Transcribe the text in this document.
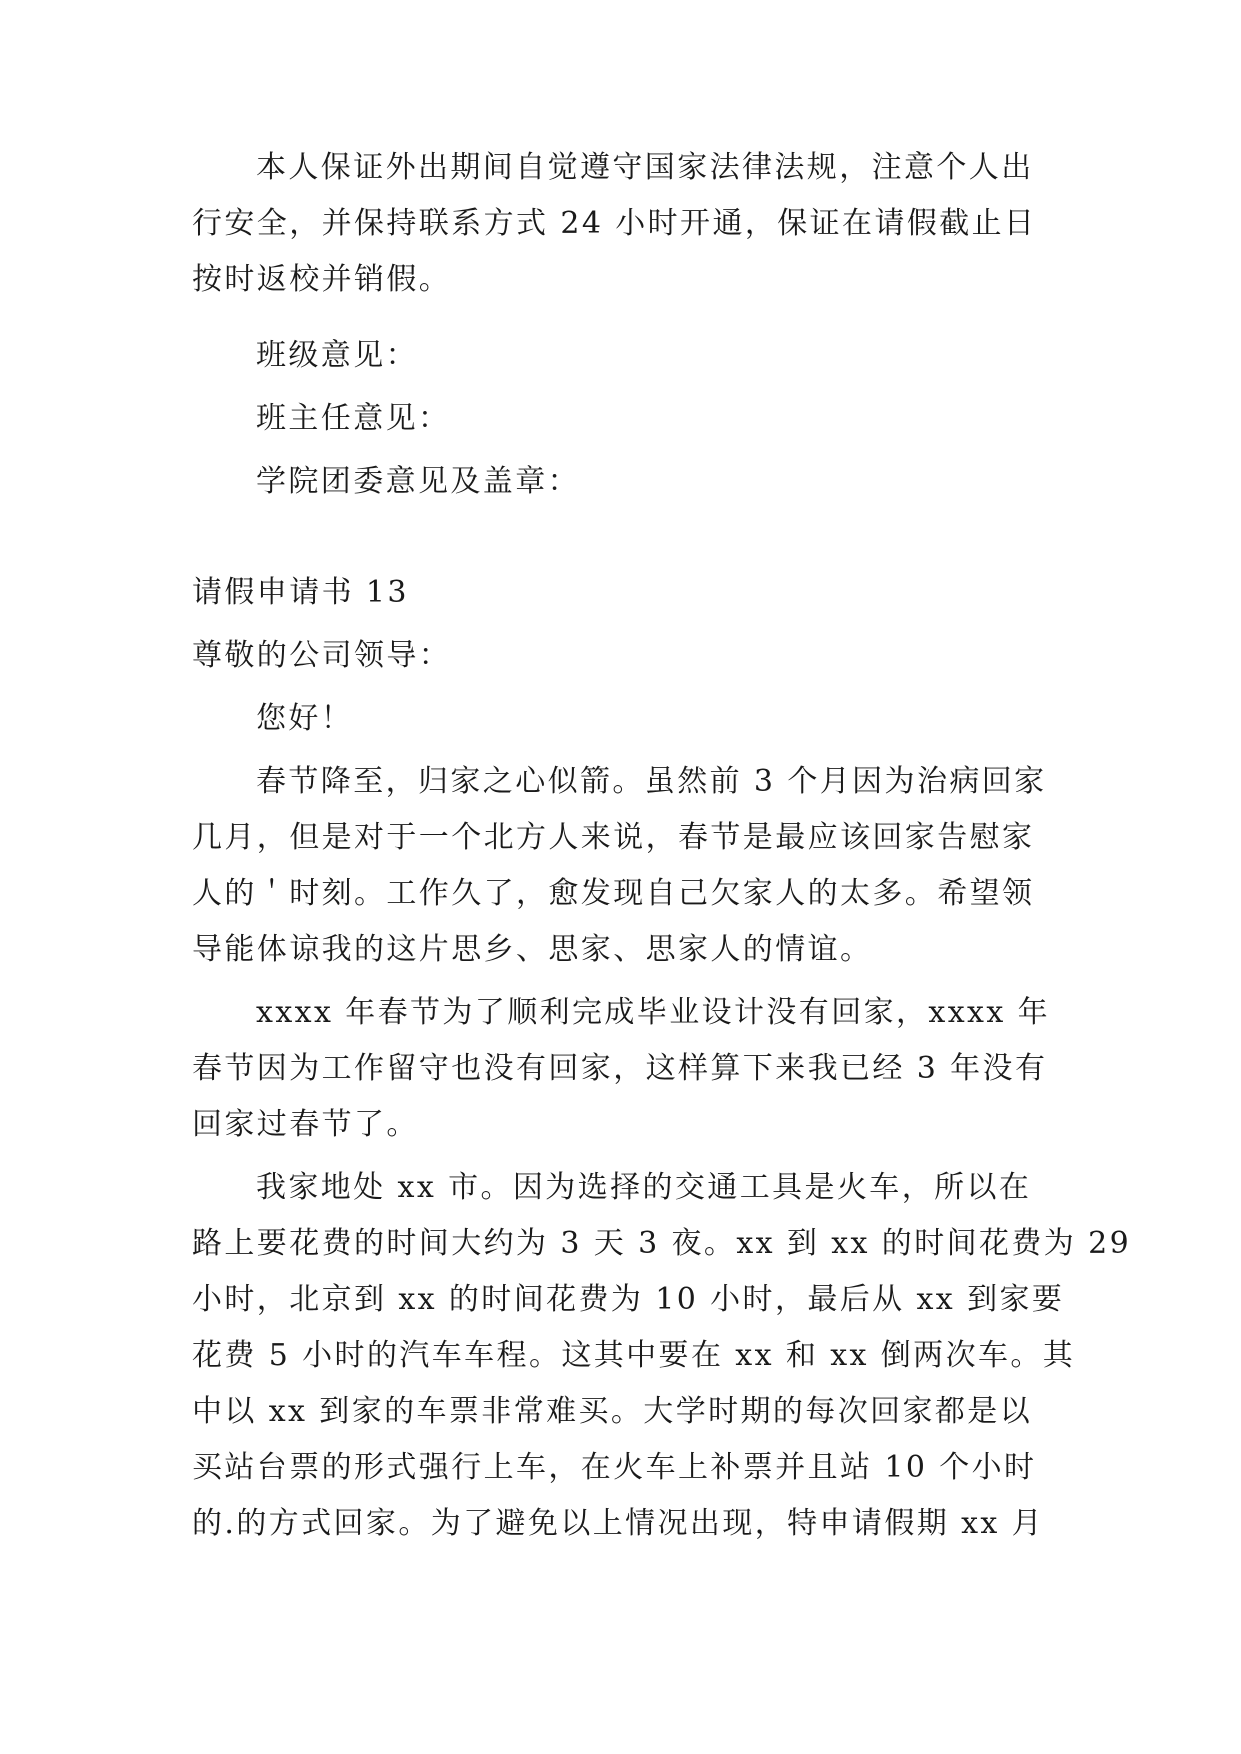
本人保证外出期间自觉遵守国家法律法规，注意个人出
行安全，并保持联系方式 24 小时开通，保证在请假截止日
按时返校并销假。
班级意见：
班主任意见：
学院团委意见及盖章：
请假申请书 13
尊敬的公司领导：
您好！
春节降至，归家之心似箭。虽然前 3 个月因为治病回家
几月，但是对于一个北方人来说，春节是最应该回家告慰家
人的＇时刻。工作久了，愈发现自己欠家人的太多。希望领
导能体谅我的这片思乡、思家、思家人的情谊。
xxxx 年春节为了顺利完成毕业设计没有回家，xxxx 年
春节因为工作留守也没有回家，这样算下来我已经 3 年没有
回家过春节了。
我家地处 xx 市。因为选择的交通工具是火车，所以在
路上要花费的时间大约为 3 天 3 夜。xx 到 xx 的时间花费为 29
小时，北京到 xx 的时间花费为 10 小时，最后从 xx 到家要
花费 5 小时的汽车车程。这其中要在 xx 和 xx 倒两次车。其
中以 xx 到家的车票非常难买。大学时期的每次回家都是以
买站台票的形式强行上车，在火车上补票并且站 10 个小时
的.的方式回家。为了避免以上情况出现，特申请假期 xx 月
